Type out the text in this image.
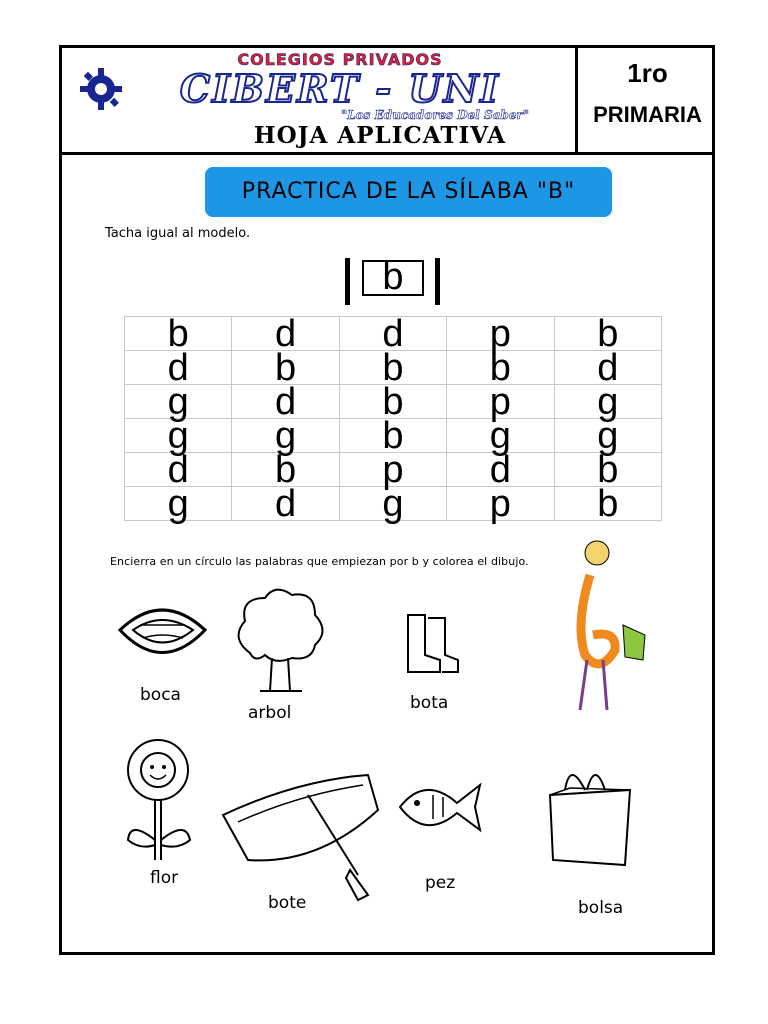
COLEGIOS PRIVADOS
CIBERT - UNI
"Los Educadores Del Saber"
HOJA APLICATIVA
1ro
PRIMARIA
PRACTICA DE LA SÍLABA "B"
Tacha igual al modelo.
b
b	d	d	p	b
d	b	b	b	d
g	d	b	p	g
g	g	b	g	g
d	b	p	d	b
g	d	g	p	b
Encierra en un círculo las palabras que empiezan por b y colorea el dibujo.
boca
arbol	bota
flor
bote
pez
bolsa
